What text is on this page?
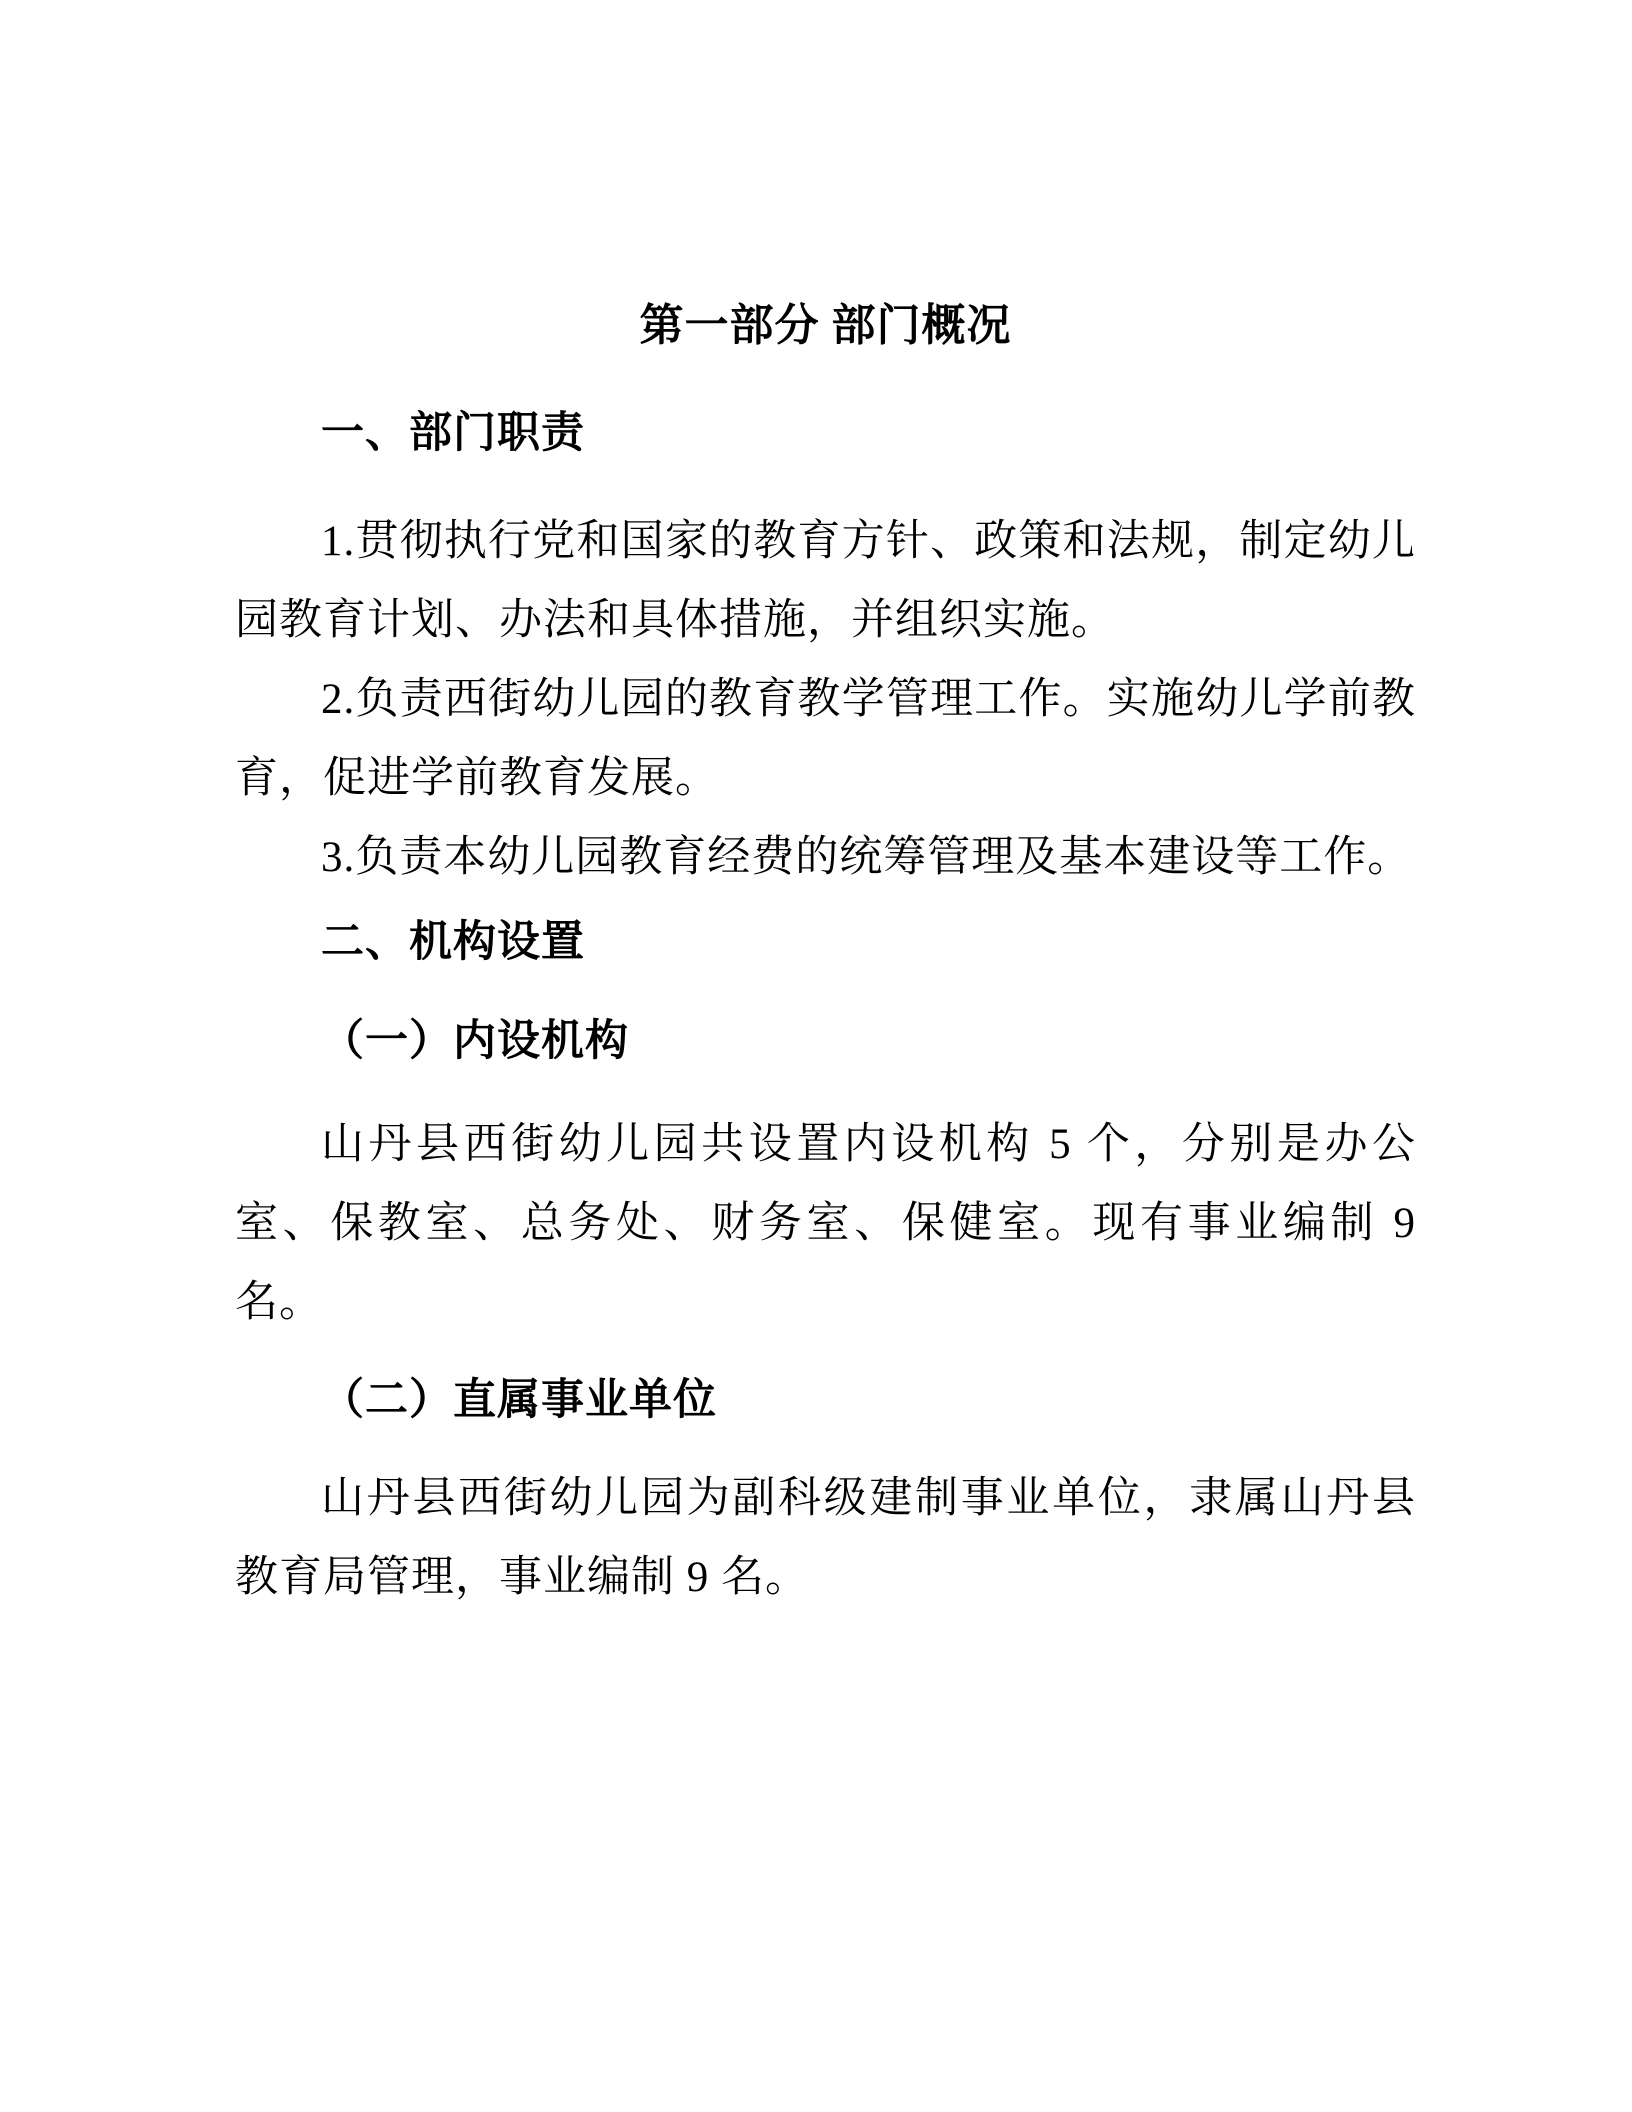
第一部分 部门概况
一、部门职责

1.贯彻执行党和国家的教育方针、政策和法规，制定幼儿园教育计划、办法和具体措施，并组织实施。

2.负责西街幼儿园的教育教学管理工作。实施幼儿学前教育，促进学前教育发展。

3.负责本幼儿园教育经费的统筹管理及基本建设等工作。

二、机构设置
（一）内设机构

山丹县西街幼儿园共设置内设机构 5 个，分别是办公室、保教室、总务处、财务室、保健室。现有事业编制 9 名。

（二）直属事业单位

山丹县西街幼儿园为副科级建制事业单位，隶属山丹县教育局管理，事业编制 9 名。
